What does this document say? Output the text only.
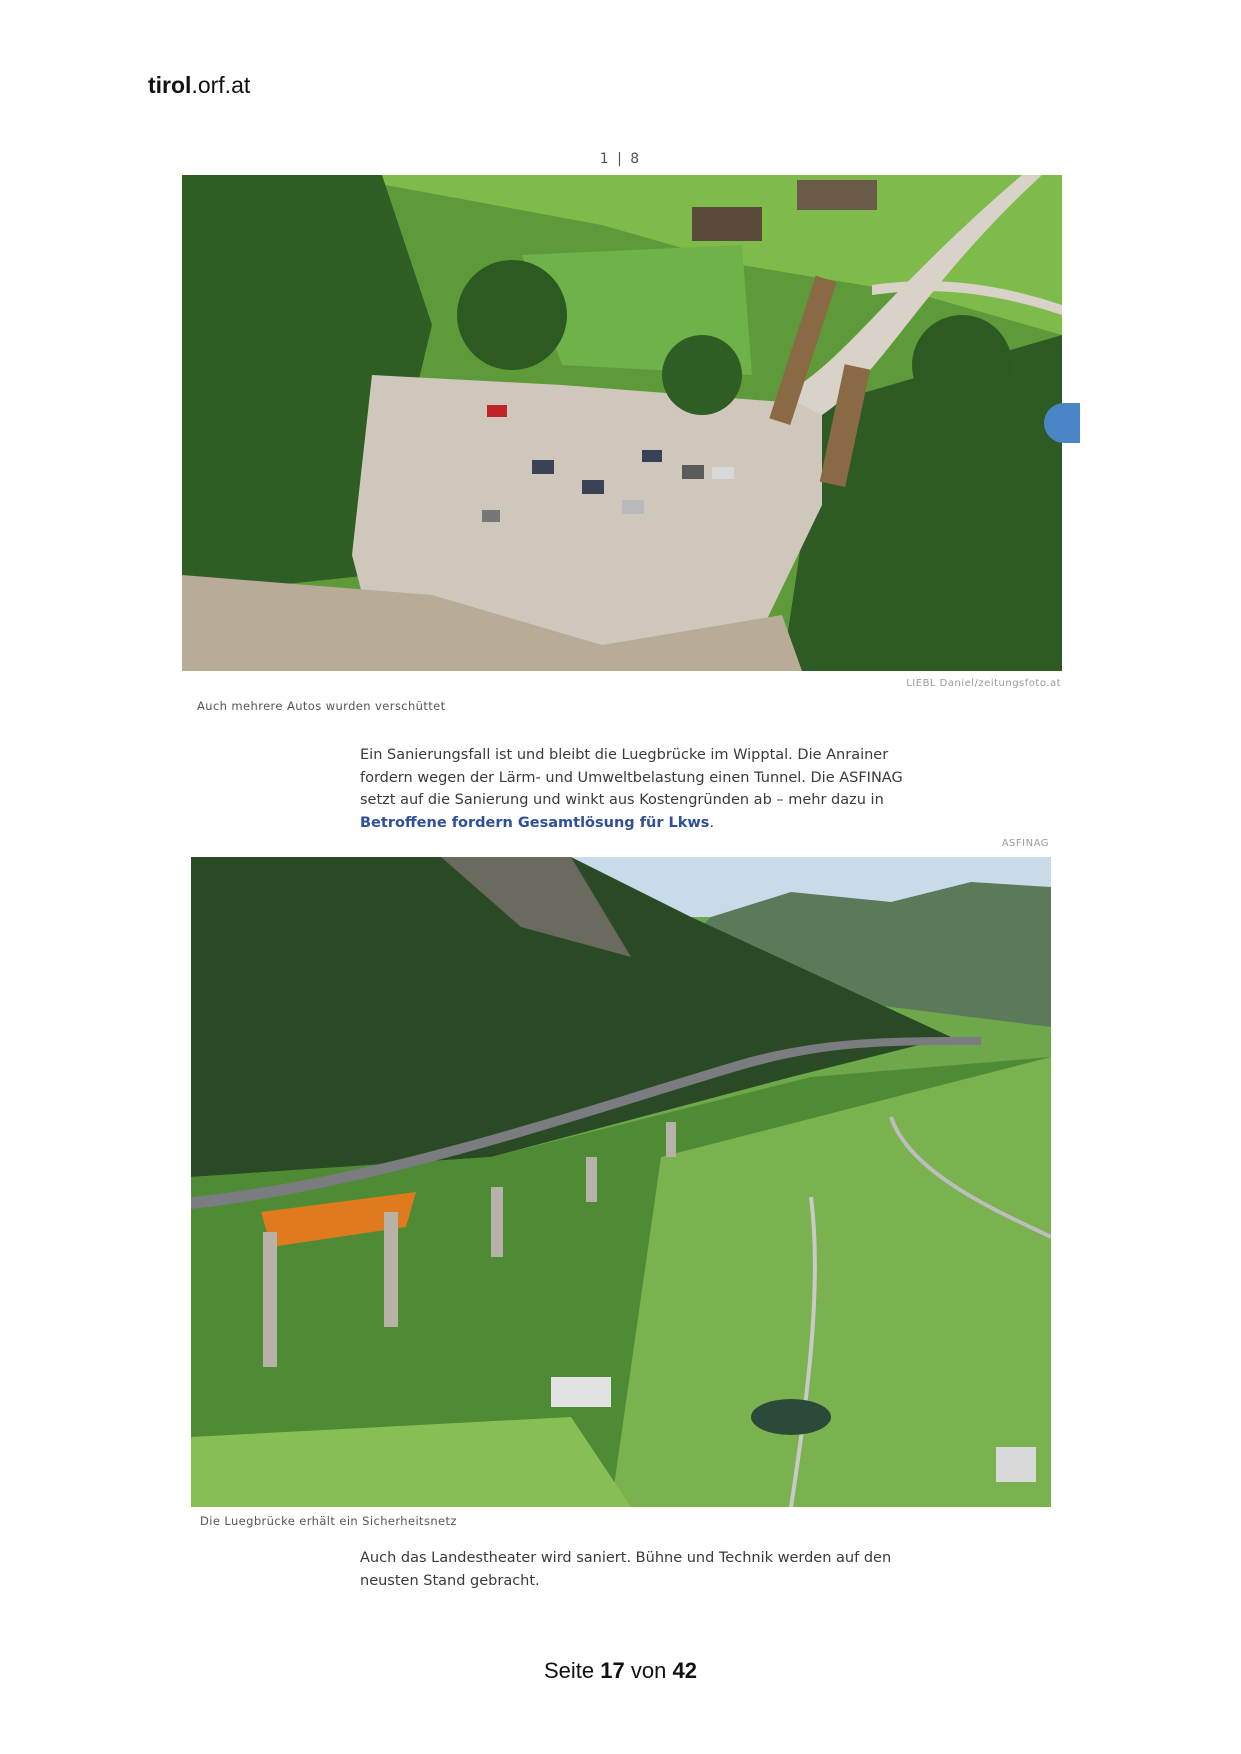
tirol.orf.at
1 | 8
LIEBL Daniel/zeitungsfoto.at
Auch mehrere Autos wurden verschüttet
Ein Sanierungsfall ist und bleibt die Luegbrücke im Wipptal. Die Anrainer fordern wegen der Lärm- und Umweltbelastung einen Tunnel. Die ASFINAG setzt auf die Sanierung und winkt aus Kostengründen ab – mehr dazu in Betroffene fordern Gesamtlösung für Lkws.
ASFINAG
Die Luegbrücke erhält ein Sicherheitsnetz
Auch das Landestheater wird saniert. Bühne und Technik werden auf den neusten Stand gebracht.
Seite 17 von 42
